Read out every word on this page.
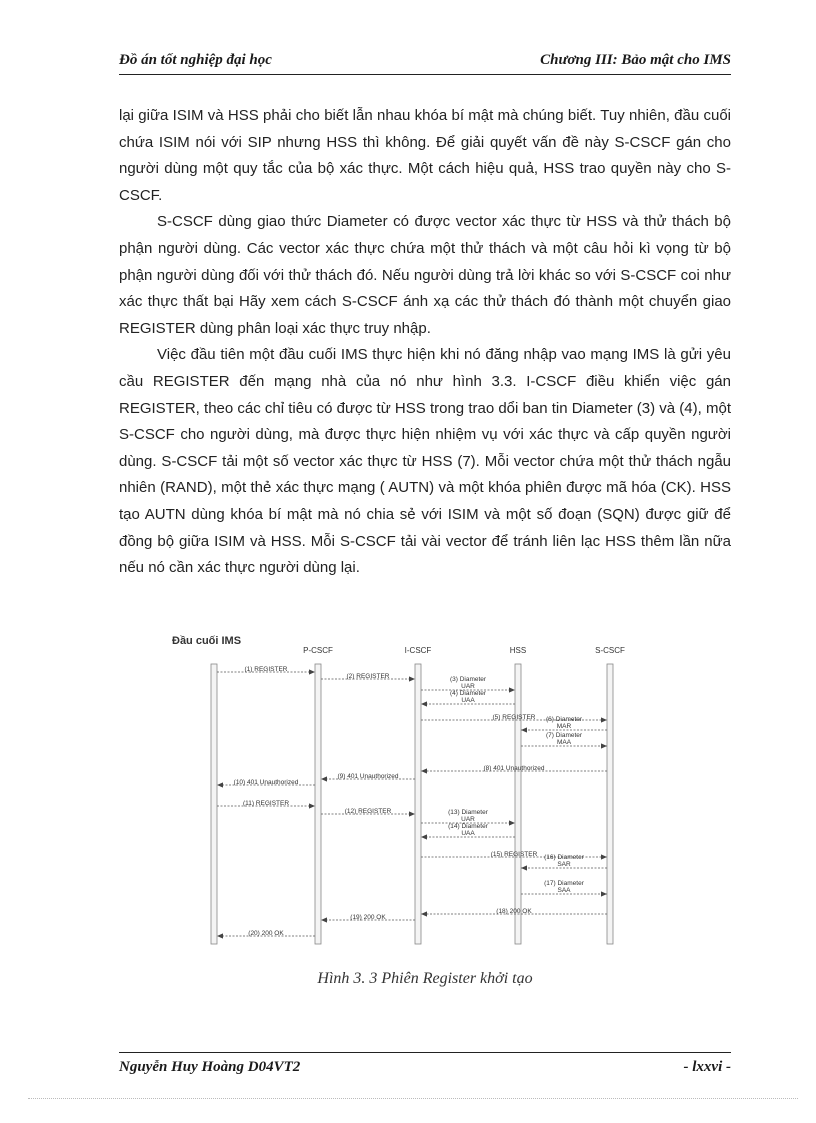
Đồ án tốt nghiệp đại học	Chương III: Bảo mật cho IMS

lại giữa ISIM và HSS phải cho biết lẫn nhau khóa bí mật mà chúng biết. Tuy nhiên, đầu cuối chứa ISIM nói với SIP nhưng HSS thì không. Để giải quyết vấn đề này S-CSCF gán cho người dùng một quy tắc của bộ xác thực. Một cách hiệu quả, HSS trao quyền này cho S-CSCF.

S-CSCF dùng giao thức Diameter có được vector xác thực từ HSS và thử thách bộ phận người dùng. Các vector xác thực chứa một thử thách và một câu hỏi kì vọng từ bộ phận người dùng đối với thử thách đó. Nếu người dùng trả lời khác so với S-CSCF coi như xác thực thất bại Hãy xem cách S-CSCF ánh xạ các thử thách đó thành một chuyển giao REGISTER dùng phân loại xác thực truy nhập.

Việc đầu tiên một đầu cuối IMS thực hiện khi nó đăng nhập vao mạng IMS là gửi yêu cầu REGISTER đến mạng nhà của nó như hình 3.3. I-CSCF điều khiển việc gán REGISTER, theo các chỉ tiêu có được từ HSS trong trao dổi ban tin Diameter (3) và (4), một S-CSCF cho người dùng, mà được thực hiện nhiệm vụ với xác thực và cấp quyền người dùng. S-CSCF tải một số vector xác thực từ HSS (7). Mỗi vector chứa một thử thách ngẫu nhiên (RAND), một thẻ xác thực mạng ( AUTN) và một khóa phiên được mã hóa (CK). HSS tạo AUTN dùng khóa bí mật mà nó chia sẻ với ISIM và một số đoạn (SQN) được giữ để đồng bộ giữa ISIM và HSS. Mỗi S-CSCF tải vài vector để tránh liên lạc HSS thêm lần nữa nếu nó cần xác thực người dùng lại.

Đầu cuối IMS
P-CSCF	I-CSCF	HSS	S-CSCF
(1) REGISTER
(2) REGISTER	(3) Diameter
UAR
(4) Diameter
UAA
(5) REGISTER (6) Diameter
MAR
(7) Diameter
MAA
(8) 401 Unauthorized
(9) 401 Unauthorized
(10) 401 Unauthorized
(11) REGISTER
(12) REGISTER	(13) Diameter
UAR
(14) Diameter
UAA
(15) REGISTER (16) Diameter
SAR
(17) Diameter
SAA
(18) 200 OK
(19) 200 OK
(20) 200 OK
Hình 3. 3 Phiên Register khởi tạo
Nguyễn Huy Hoàng D04VT2	- lxxvi -
